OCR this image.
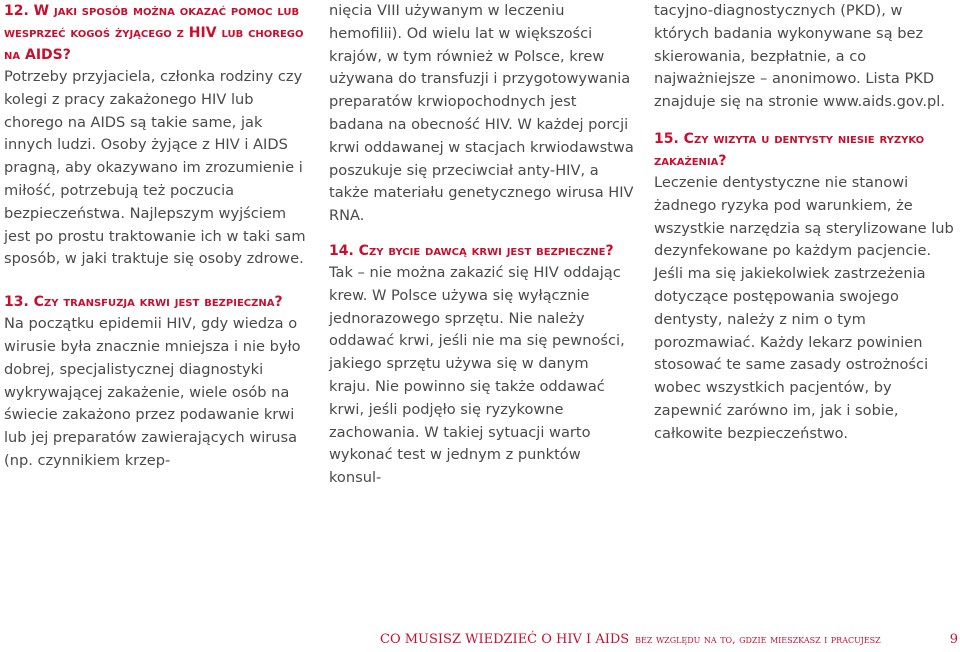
12. W jaki sposób można okazać pomoc lub wesprzeć kogoś żyjącego z HIV lub chorego na AIDS?

Potrzeby przyjaciela, członka rodziny czy kolegi z pracy zakażonego HIV lub chorego na AIDS są takie same, jak innych ludzi. Osoby żyjące z HIV i AIDS pragną, aby okazywano im zrozumienie i miłość, potrzebują też poczucia bezpieczeństwa. Najlepszym wyjściem jest po prostu traktowanie ich w taki sam sposób, w jaki traktuje się osoby zdrowe.

13. Czy transfuzja krwi jest bezpieczna?

Na początku epidemii HIV, gdy wiedza o wirusie była znacznie mniejsza i nie było dobrej, specjalistycznej diagnostyki wykrywającej zakażenie, wiele osób na świecie zakażono przez podawanie krwi lub jej preparatów zawierających wirusa (np. czynnikiem krzep-

nięcia VIII używanym w leczeniu hemofilii). Od wielu lat w większości krajów, w tym również w Polsce, krew używana do transfuzji i przygotowywania preparatów krwiopochodnych jest badana na obecność HIV. W każdej porcji krwi oddawanej w stacjach krwiodawstwa poszukuje się przeciwciał anty-HIV, a także materiału genetycznego wirusa HIV RNA.

14. Czy bycie dawcą krwi jest bezpieczne?

Tak – nie można zakazić się HIV oddając krew. W Polsce używa się wyłącznie jednorazowego sprzętu. Nie należy oddawać krwi, jeśli nie ma się pewności, jakiego sprzętu używa się w danym kraju. Nie powinno się także oddawać krwi, jeśli podjęło się ryzykowne zachowania. W takiej sytuacji warto wykonać test w jednym z punktów konsul-

tacyjno-diagnostycznych (PKD), w których badania wykonywane są bez skierowania, bezpłatnie, a co najważniejsze – anonimowo. Lista PKD znajduje się na stronie www.aids.gov.pl.

15. Czy wizyta u dentysty niesie ryzyko zakażenia?

Leczenie dentystyczne nie stanowi żadnego ryzyka pod warunkiem, że wszystkie narzędzia są sterylizowane lub dezynfekowane po każdym pacjencie. Jeśli ma się jakiekolwiek zastrzeżenia dotyczące postępowania swojego dentysty, należy z nim o tym porozmawiać. Każdy lekarz powinien stosować te same zasady ostrożności wobec wszystkich pacjentów, by zapewnić zarówno im, jak i sobie, całkowite bezpieczeństwo.

CO MUSISZ WIEDZIEĆ O HIV I AIDS bez względu na to, gdzie mieszkasz i pracujesz	9
